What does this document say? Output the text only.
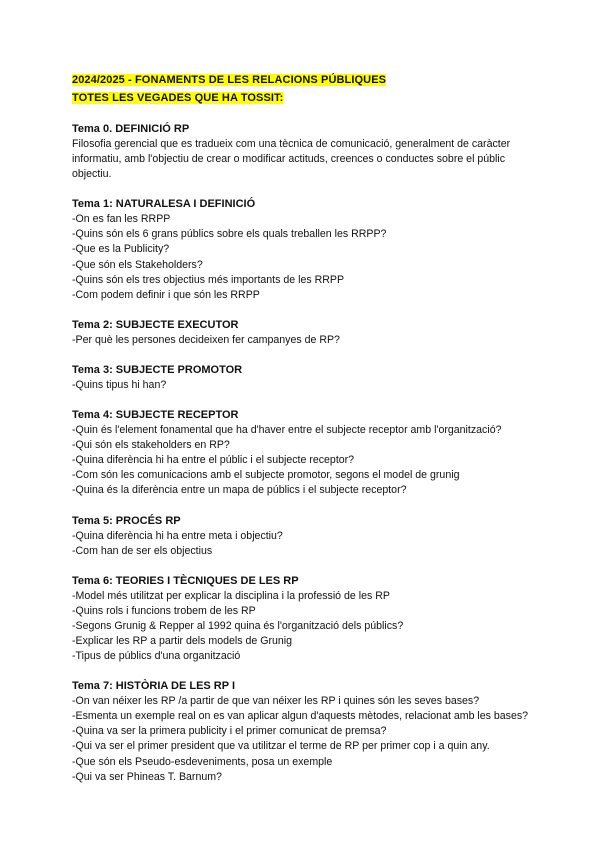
2024/2025 - FONAMENTS DE LES RELACIONS PÚBLIQUES
TOTES LES VEGADES QUE HA TOSSIT:

Tema 0. DEFINICIÓ RP

Filosofia gerencial que es tradueix com una tècnica de comunicació, generalment de caràcter informatiu, amb l'objectiu de crear o modificar actituds, creences o conductes sobre el públic objectiu.

Tema 1: NATURALESA I DEFINICIÓ

-On es fan les RRPP

-Quins són els 6 grans públics sobre els quals treballen les RRPP?

-Que es la Publicity?

-Que són els Stakeholders?

-Quins són els tres objectius més importants de les RRPP

-Com podem definir i que són les RRPP

Tema 2: SUBJECTE EXECUTOR

-Per què les persones decideixen fer campanyes de RP?

Tema 3: SUBJECTE PROMOTOR

-Quins tipus hi han?

Tema 4: SUBJECTE RECEPTOR

-Quin és l'element fonamental que ha d'haver entre el subjecte receptor amb l'organització?

-Qui són els stakeholders en RP?

-Quina diferència hi ha entre el públic i el subjecte receptor?

-Com són les comunicacions amb el subjecte promotor, segons el model de grunig

-Quina és la diferència entre un mapa de públics i el subjecte receptor?

Tema 5: PROCÉS RP

-Quina diferència hi ha entre meta i objectiu?

-Com han de ser els objectius

Tema 6: TEORIES I TÈCNIQUES DE LES RP

-Model més utilitzat per explicar la disciplina i la professió de les RP

-Quins rols i funcions trobem de les RP

-Segons Grunig & Repper al 1992 quina és l'organització dels públics?

-Explicar les RP a partir dels models de Grunig

-Tipus de públics d'una organització

Tema 7: HISTÒRIA DE LES RP I

-On van néixer les RP /a partir de que van néixer les RP i quines són les seves bases?

-Esmenta un exemple real on es van aplicar algun d'aquests mètodes, relacionat amb les bases?

-Quina va ser la primera publicity i el primer comunicat de premsa?

-Qui va ser el primer president que va utilitzar el terme de RP per primer cop i a quin any.

-Que són els Pseudo-esdeveniments, posa un exemple

-Qui va ser Phineas T. Barnum?
